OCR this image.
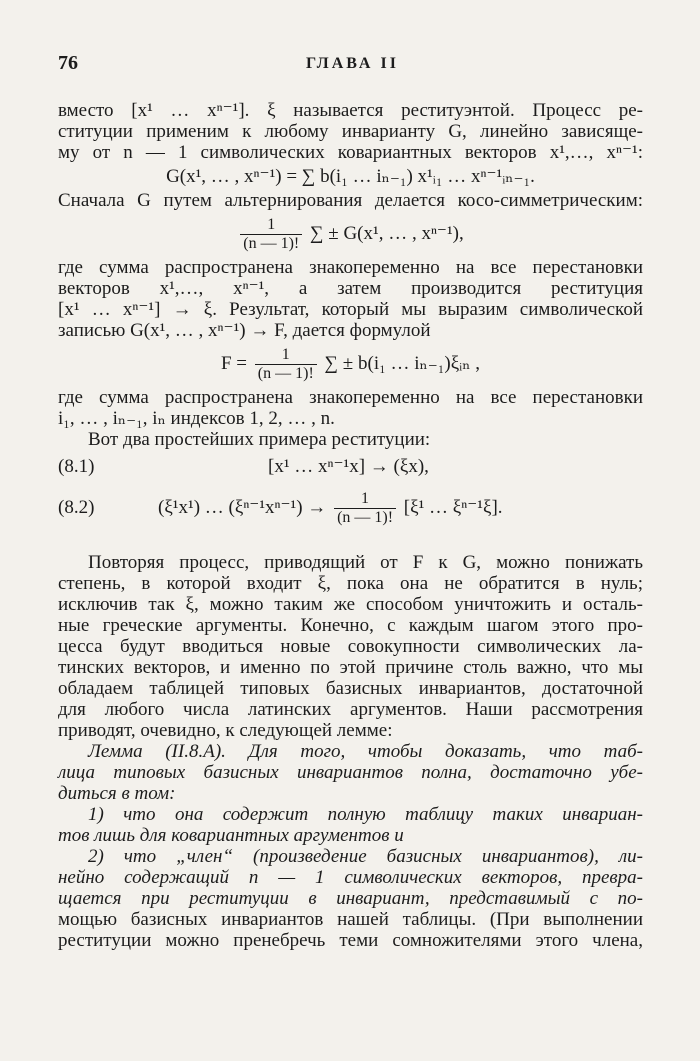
76	ГЛАВА II
вместо [x¹ … xⁿ⁻¹]. ξ называется реституэнтой. Процесс ре-
ституции применим к любому инварианту G, линейно зависяще-
му от n — 1 символических ковариантных векторов x¹,…, xⁿ⁻¹:
G(x¹, … , xⁿ⁻¹) = ∑ b(i₁ … iₙ₋₁) x¹ᵢ₁ … xⁿ⁻¹ᵢₙ₋₁.
Сначала G путем альтернирования делается косо-симметрическим:
$\frac{1}{(n — 1)!}$ ∑ ± G(x¹, … , xⁿ⁻¹),
где сумма распространена знакопеременно на все перестановки
векторов x¹,…, xⁿ⁻¹, а затем производится реституция
[x¹ … xⁿ⁻¹] → ξ. Результат, который мы выразим символической
записью G(x¹, … , xⁿ⁻¹) → F, дается формулой
$F = \frac{1}{(n — 1)!}$ ∑ ± b(i₁ … iₙ₋₁)ξᵢₙ ,
где сумма распространена знакопеременно на все перестановки
i₁, … , iₙ₋₁, iₙ индексов 1, 2, … , n.
Вот два простейших примера реституции:
(8.1)	[x¹ … xⁿ⁻¹x] → (ξx),
(8.2)	(ξ¹x¹) … $(\xi^{n-1}x^{n-1}) \to \frac{1}{(n — 1)!} [\xi^1$ … ξⁿ⁻¹ξ].
Повторяя процесс, приводящий от F к G, можно понижать
степень, в которой входит ξ, пока она не обратится в нуль;
исключив так ξ, можно таким же способом уничтожить и осталь-
ные греческие аргументы. Конечно, с каждым шагом этого про-
цесса будут вводиться новые совокупности символических ла-
тинских векторов, и именно по этой причине столь важно, что мы
обладаем таблицей типовых базисных инвариантов, достаточной
для любого числа латинских аргументов. Наши рассмотрения
приводят, очевидно, к следующей лемме:
Лемма (II.8.A). Для того, чтобы доказать, что таб-
лица типовых базисных инвариантов полна, достаточно убе-
диться в том:
1) что она содержит полную таблицу таких инвариан-
тов лишь для ковариантных аргументов и
2) что „член“ (произведение базисных инвариантов), ли-
нейно содержащий n — 1 символических векторов, превра-
щается при реституции в инвариант, представимый с по-
мощью базисных инвариантов нашей таблицы. (При выполнении
реституции можно пренебречь теми сомножителями этого члена,
